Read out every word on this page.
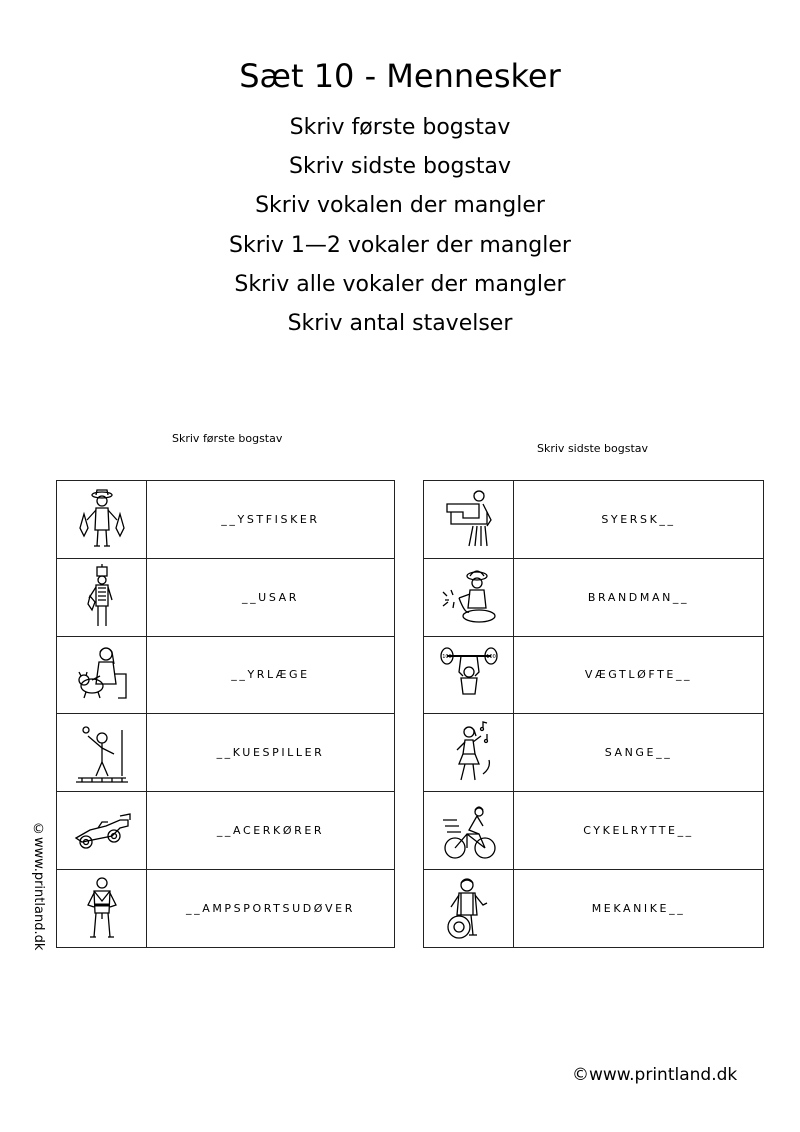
Sæt 10 - Mennesker
Skriv første bogstav
Skriv sidste bogstav
Skriv vokalen der mangler
Skriv 1—2 vokaler der mangler
Skriv alle vokaler der mangler
Skriv antal stavelser
Skriv første bogstav
Skriv sidste bogstav
	__YSTFISKER

	__USAR

	__YRLÆGE

	__KUESPILLER

	__ACERKØRER

	__AMPSPORTSUDØVER
	SYERSK__

	BRANDMAN__

100 100	VÆGTLØFTE__

	SANGE__

	CYKELRYTTE__

	MEKANIKE__
©www.printland.dk
©www.printland.dk
